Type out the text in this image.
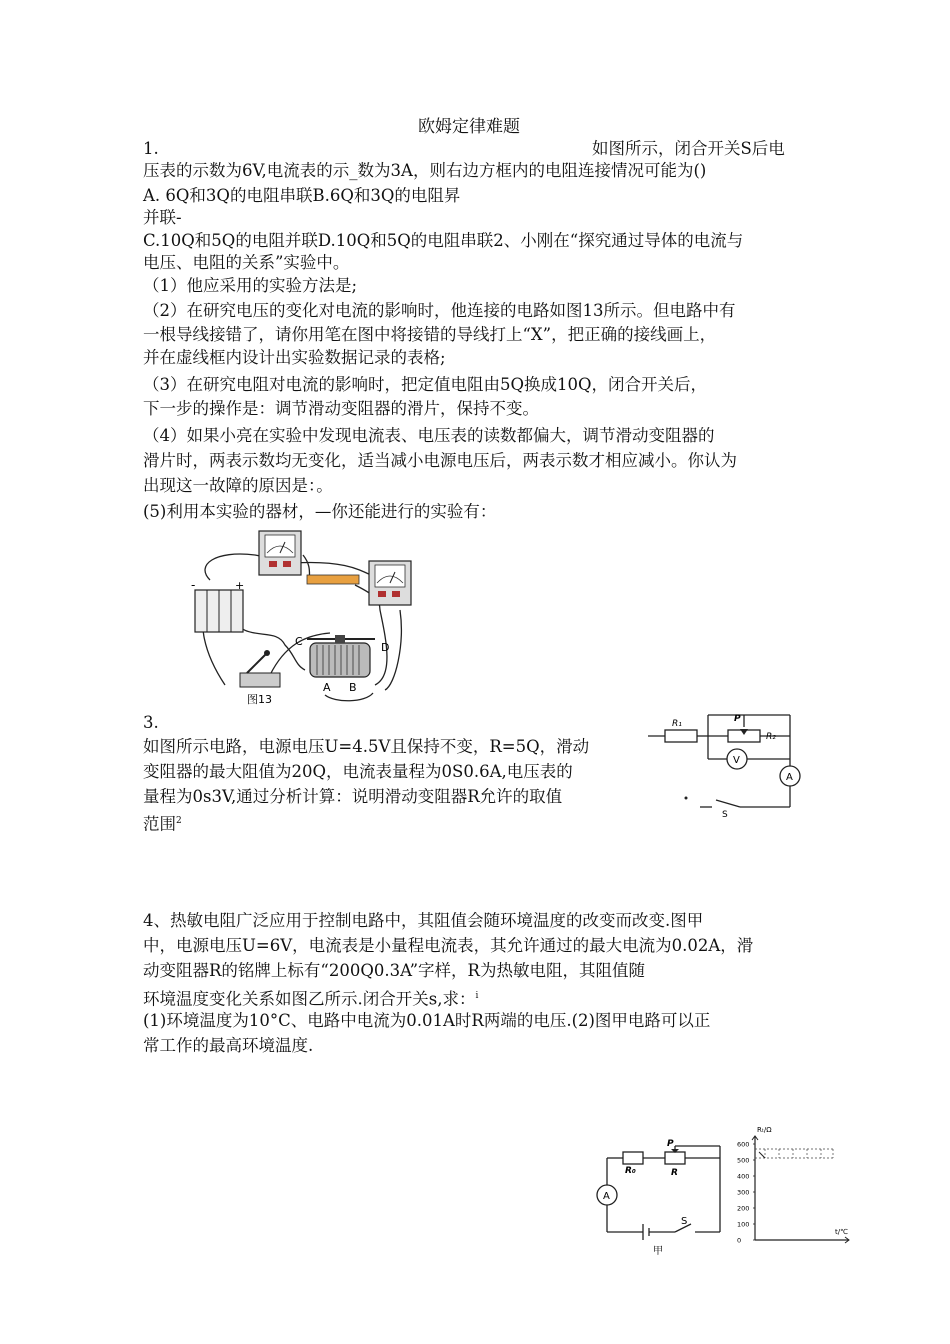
欧姆定律难题
1.	如图所示，闭合开关S后电
压表的示数为6V,电流表的示_数为3A，则右边方框内的电阻连接情况可能为()
A. 6Q和3Q的电阻串联B.6Q和3Q的电阻昇
并联-
C.10Q和5Q的电阻并联D.10Q和5Q的电阻串联2、小刚在“探究通过导体的电流与
电压、电阻的关系”实验中。
（1）他应采用的实验方法是;
（2）在研究电压的变化对电流的影响时，他连接的电路如图13所示。但电路中有
一根导线接错了，请你用笔在图中将接错的导线打上“X”，把正确的接线画上，
并在虚线框内设计出实验数据记录的表格;
（3）在研究电阻对电流的影响时，把定值电阻由5Q换成10Q，闭合开关后，
下一步的操作是：调节滑动变阻器的滑片，保持不变。
（4）如果小亮在实验中发现电流表、电压表的读数都偏大，调节滑动变阻器的
滑片时，两表示数均无变化，适当减小电源电压后，两表示数才相应减小。你认为
出现这一故障的原因是：。
(5)利用本实验的器材，—你还能进行的实验有：
-	+
C	D
A B
图13
3.
如图所示电路，电源电压U=4.5V且保持不变，R=5Q，滑动
变阻器的最大阻值为20Q，电流表量程为0S0.6A,电压表的
量程为0s3V,通过分析计算：说明滑动变阻器R允许的取值
范围$^2$
R₁	P
R₂
V
A
S
4、热敏电阻广泛应用于控制电路中，其阻值会随环境温度的改变而改变.图甲
中，电源电压U=6V，电流表是小量程电流表，其允许通过的最大电流为0.02A，滑
动变阻器R的铭牌上标有“200Q0.3A”字样，R为热敏电阻，其阻值随
环境温度变化关系如图乙所示.闭合开关s,求：$^i$
(1)环境温度为10°C、电路中电流为0.01A时R两端的电压.(2)图甲电路可以正
常工作的最高环境温度.
A
R₀
P
R
S
甲
Rₜ/Ω
600
500
400
300
200
100
0
t/℃
